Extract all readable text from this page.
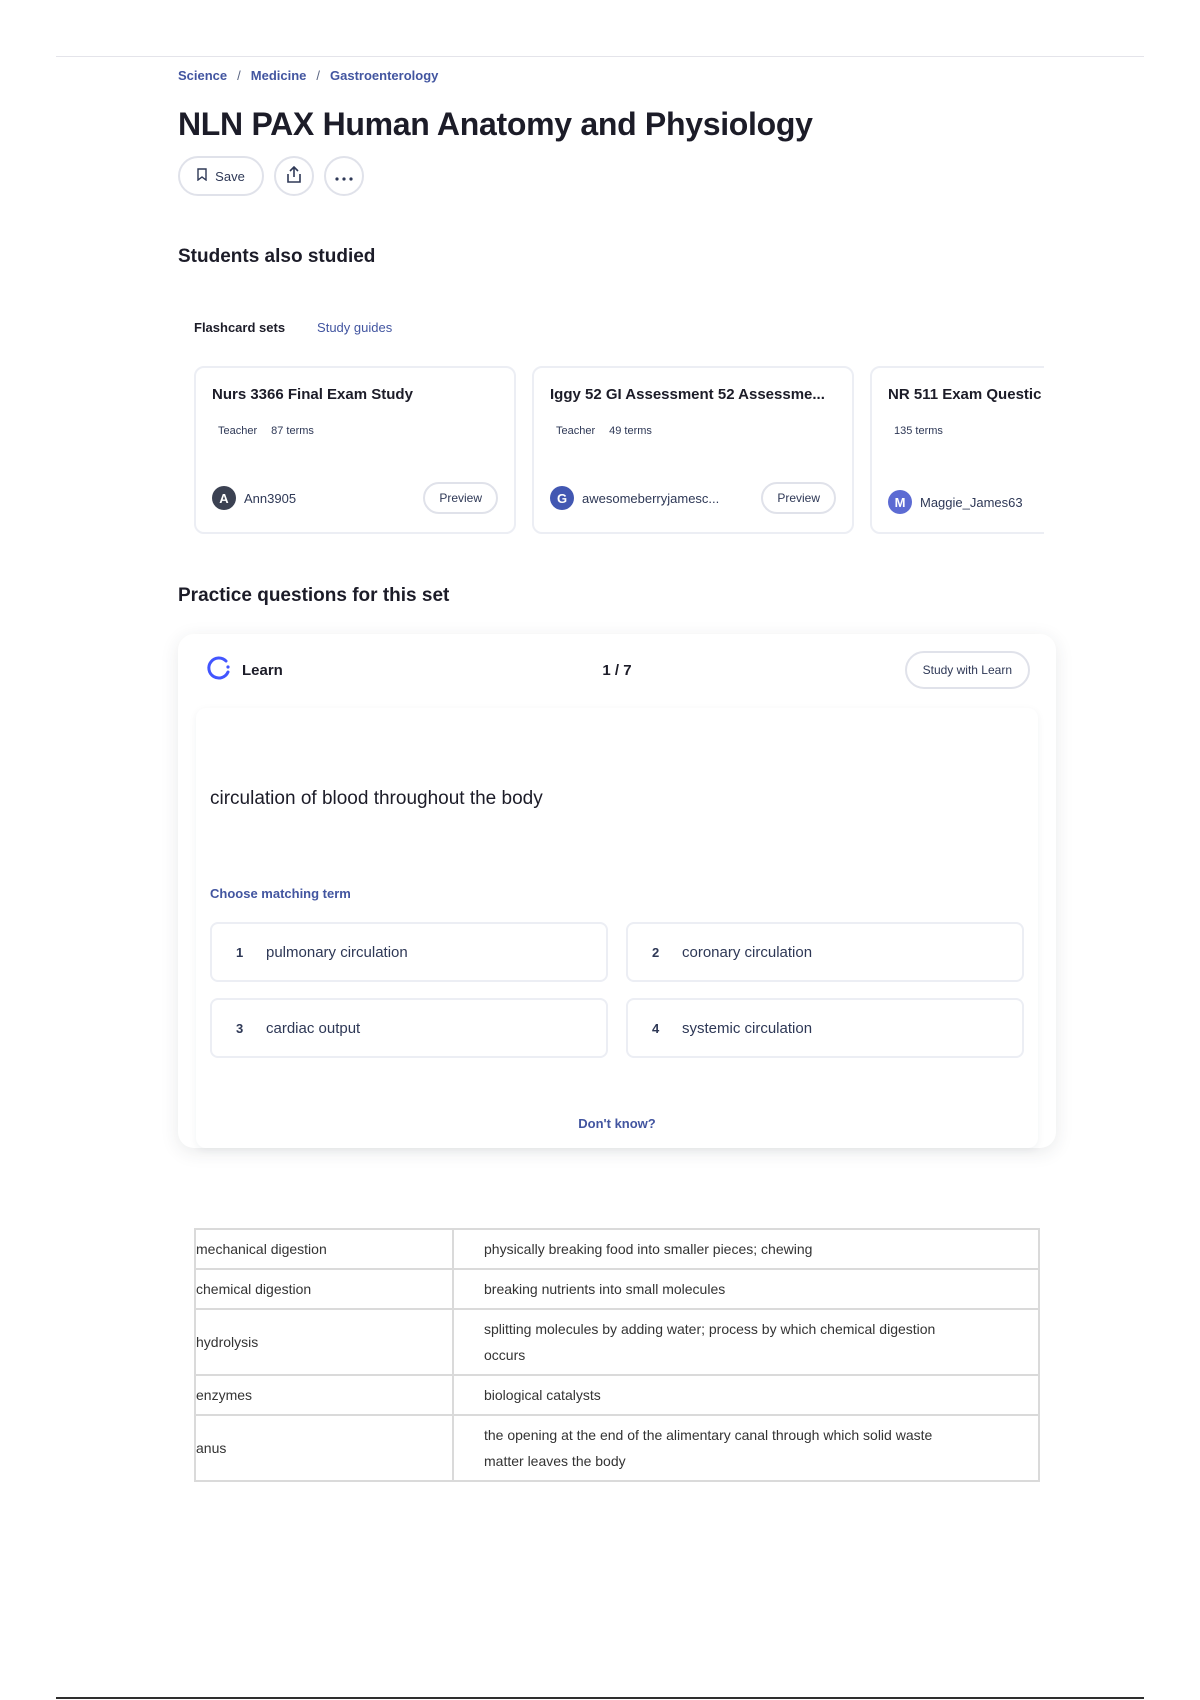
Science / Medicine / Gastroenterology
NLN PAX Human Anatomy and Physiology
Save
Students also studied
Flashcard sets Study guides
Nurs 3366 Final Exam Study
Teacher 87 terms
A	Ann3905	Preview
Iggy 52 GI Assessment 52 Assessme...
Teacher 49 terms
G	awesomeberryjamesc...	Preview
NR 511 Exam Questic
135 terms
M	Maggie_James63
Practice questions for this set
Learn	1 / 7	Study with Learn
circulation of blood throughout the body
Choose matching term
1	pulmonary circulation	2	coronary circulation
3	cardiac output	4	systemic circulation
Don't know?
mechanical digestion	physically breaking food into smaller pieces; chewing
chemical digestion	breaking nutrients into small molecules
hydrolysis	splitting molecules by adding water; process by which chemical digestion occurs
enzymes	biological catalysts
anus	the opening at the end of the alimentary canal through which solid waste matter leaves the body
